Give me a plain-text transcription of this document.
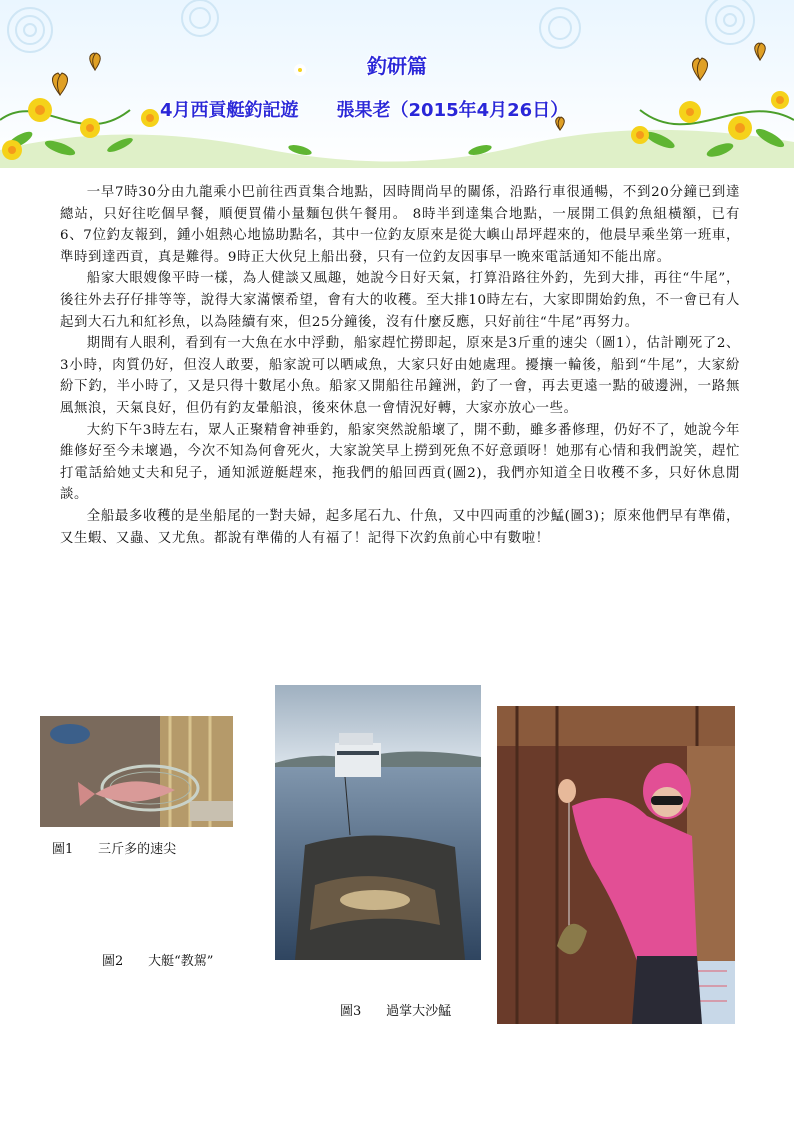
釣研篇
4月西貢艇釣記遊 張果老（2015年4月26日）

一早7時30分由九龍乘小巴前往西貢集合地點，因時間尚早的關係，沿路行車很通暢，不到20分鐘已到達總站，只好往吃個早餐，順便買備小量麵包供午餐用。 8時半到達集合地點，一展開工俱釣魚組橫額，已有6、7位釣友報到，鍾小姐熱心地協助點名，其中一位釣友原來是從大嶼山昂坪趕來的，他晨早乘坐第一班車，準時到達西貢，真是難得。9時正大伙兒上船出發，只有一位釣友因事早一晚來電話通知不能出席。

船家大眼嫂像平時一樣，為人健談又風趣，她說今日好天氣，打算沿路往外釣，先到大排，再往“牛尾”，後往外去孖仔排等等，說得大家滿懷希望，會有大的收穫。至大排10時左右，大家即開始釣魚，不一會已有人起到大石九和紅衫魚，以為陸續有來，但25分鐘後，沒有什麼反應，只好前往“牛尾”再努力。

期間有人眼利，看到有一大魚在水中浮動，船家趕忙撈即起，原來是3斤重的速尖（圖1），估計剛死了2、3小時，肉質仍好，但沒人敢要，船家說可以晒咸魚，大家只好由她處理。擾攘一輪後，船到“牛尾”，大家紛紛下釣，半小時了，又是只得十數尾小魚。船家又開船往吊鐘洲，釣了一會，再去更遠一點的破邊洲，一路無風無浪，天氣良好，但仍有釣友暈船浪，後來休息一會情況好轉，大家亦放心一些。

大約下午3時左右，眾人正聚精會神垂釣，船家突然說船壞了，開不動，雖多番修理，仍好不了，她說今年維修好至今未壞過，今次不知為何會死火，大家說笑早上撈到死魚不好意頭呀！她那有心情和我們說笑，趕忙打電話給她丈夫和兒子，通知派遊艇趕來，拖我們的船回西貢(圖2)，我們亦知道全日收穫不多，只好休息閒談。

全船最多收穫的是坐船尾的一對夫婦，起多尾石九、什魚，又中四両重的沙鯭(圖3)；原來他們早有準備，又生蝦、又蟲、又尤魚。都說有準備的人有福了！記得下次釣魚前心中有數啦！

圖1 三斤多的速尖
圖2 大艇“教駕”
圖3 過掌大沙鯭
